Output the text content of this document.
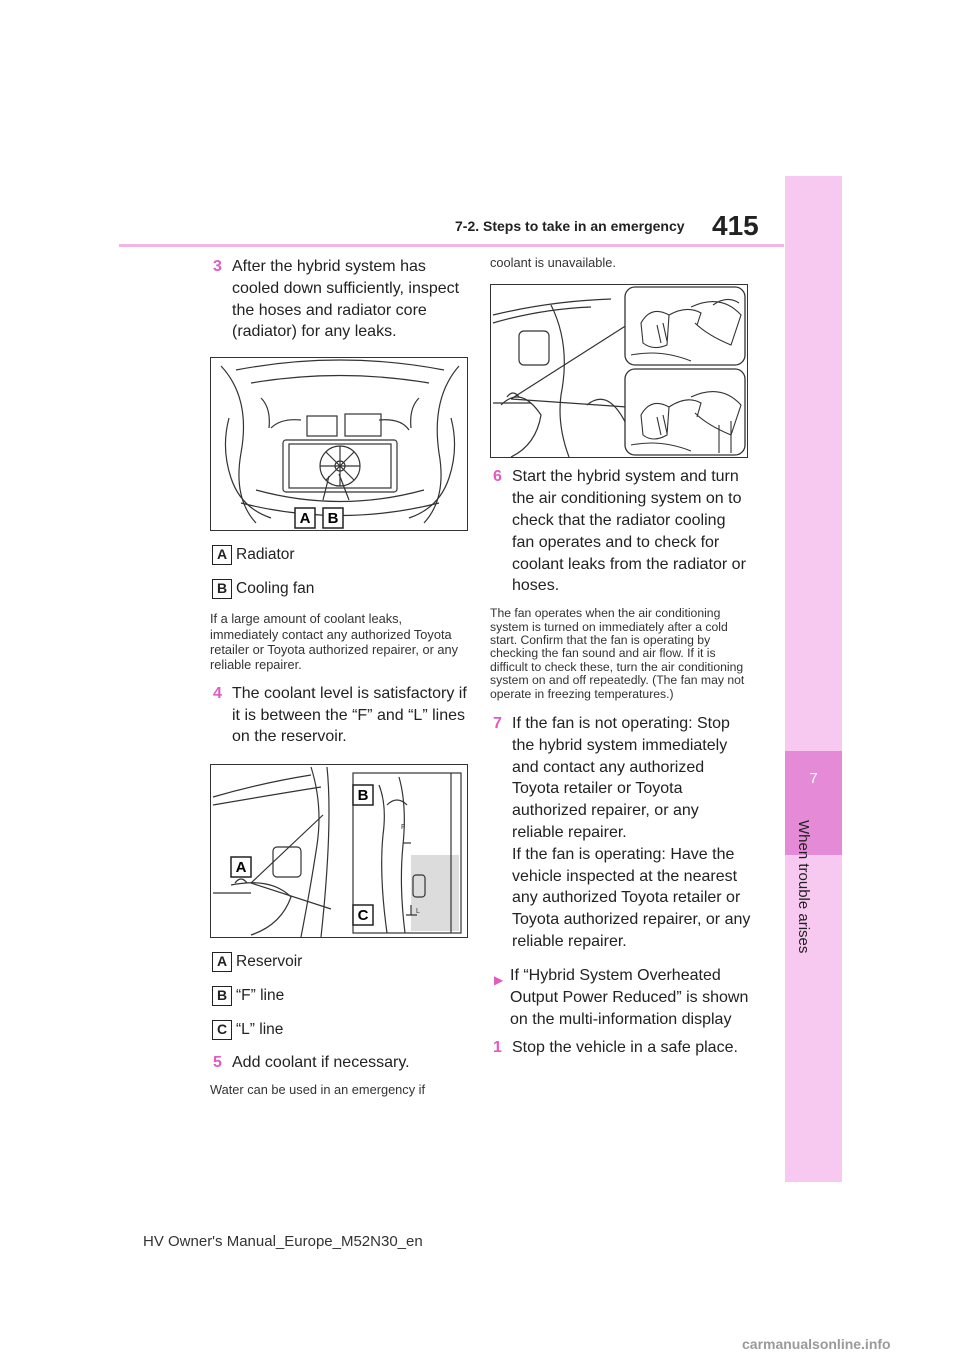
7
When trouble arises
7-2. Steps to take in an emergency 415
3 After the hybrid system has cooled down sufficiently, inspect the hoses and radiator core (radiator) for any leaks.
A B
A Radiator
B Cooling fan

If a large amount of coolant leaks, immediately contact any authorized Toyota retailer or Toyota authorized repairer, or any reliable repairer.

4 The coolant level is satisfactory if it is between the “F” and “L” lines on the reservoir.
F
L
A
B
C
A Reservoir
B “F” line
C “L” line
5 Add coolant if necessary.

Water can be used in an emergency if

coolant is unavailable.

6 Start the hybrid system and turn the air conditioning system on to check that the radiator cooling fan operates and to check for coolant leaks from the radiator or hoses.

The fan operates when the air conditioning system is turned on immediately after a cold start. Confirm that the fan is operating by checking the fan sound and air flow. If it is difficult to check these, turn the air conditioning system on and off repeatedly. (The fan may not operate in freezing temperatures.)

7 If the fan is not operating: Stop the hybrid system immediately and contact any authorized Toyota retailer or Toyota authorized repairer, or any reliable repairer.
If the fan is operating: Have the vehicle inspected at the nearest any authorized Toyota retailer or Toyota authorized repairer, or any reliable repairer.
▶ If “Hybrid System Overheated Output Power Reduced” is shown on the multi-information display
1 Stop the vehicle in a safe place.
HV Owner's Manual_Europe_M52N30_en
carmanualsonline.info
